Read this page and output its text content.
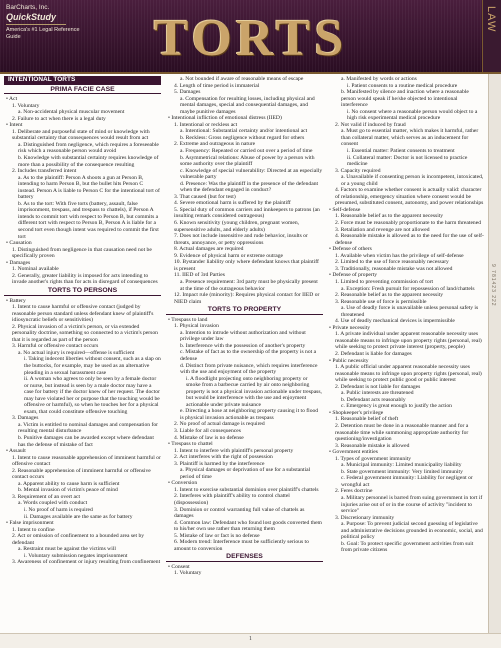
BarCharts, Inc.
QuickStudy
America's #1 Legal Reference Guide	TORTS	LAW
9 781423 222
INTENTIONAL TORTS
PRIMA FACIE CASE
• Act
1. Voluntary
a. Non-accidental physical muscular movement
2. Failure to act when there is a legal duty
• Intent
1. Deliberate and purposeful state of mind or knowledge with substantial certainty that consequences would result from act
a. Distinguished from negligence, which requires a foreseeable risk which a reasonable person would avoid
b. Knowledge with substantial certainty requires knowledge of more than a possibility of the consequence resulting
2. Includes transferred intent
a. As to the plaintiff: Person A shoots a gun at Person B, intending to harm Person B, but the bullet hits Person C instead. Person A is liable to Person C for the intentional tort of battery
b. As to the tort: With five torts (battery, assault, false imprisonment, trespass, and trespass to chattels), if Person A intends to commit tort with respect to Person B, but commits a different tort with respect to Person B, Person A is liable for a second tort even though intent was required to commit the first tort
• Causation
1. Distinguished from negligence in that causation need not be specifically proven
• Damages
1. Nominal available
2. Generally, greater liability is imposed for acts intending to invade another's rights than for acts in disregard of consequences
TORTS TO PERSONS
• Battery
1. Intent to cause harmful or offensive contact (judged by reasonable person standard unless defendant knew of plaintiff's idiosyncratic beliefs or sensitivities)
2. Physical invasion of a victim's person, or via extended personality doctrine, something so connected to a victim's person that it is regarded as part of the person
3. Harmful or offensive contact occurs
a. No actual injury is required—offense is sufficient
i. Taking indecent liberties without consent, such as a slap on the buttocks, for example, may be used as an alternative pleading in a sexual harassment case
ii. A woman who agrees to only be seen by a female doctor or nurse, but instead is seen by a male doctor may have a case for battery if the doctor knew of her request. The doctor may have violated her or purpose that the touching would be offensive or harmful), so when he touches her for a physical exam, that could constitute offensive touching
3. Damages
a. Victim is entitled to nominal damages and compensation for resulting mental disturbance
b. Punitive damages can be awarded except where defendant has the defense of mistake of fact
• Assault
1. Intent to cause reasonable apprehension of imminent harmful or offensive contact
2. Reasonable apprehension of imminent harmful or offensive contact occurs
a. Apparent ability to cause harm is sufficient
b. Mental invasion of victim's peace of mind
3. Requirement of an overt act
a. Words coupled with conduct
i. No proof of harm is required
ii. Damages available are the same as for battery
• False imprisonment
1. Intent to confine
2. Act or omission of confinement to a bounded area set by defendant
a. Restraint must be against the victims will
i. Voluntary submission negates imprisonment
3. Awareness of confinement or injury resulting from confinement
a. Not bounded if aware of reasonable means of escape
4. Length of time period is immaterial
5. Damages
a. Compensation for resulting losses, including physical and mental damages, special and consequential damages, and maybe punitive damages
• Intentional infliction of emotional distress (IIED)
1. Intentional or reckless act
a. Intentional: Substantial certainty and/or intentional act
b. Reckless: Gross negligence without regard for others
2. Extreme and outrageous in nature
a. Frequency: Repeated or carried out over a period of time
b. Asymmetrical relations: Abuse of power by a person with some authority over the plaintiff
c. Knowledge of special vulnerability: Directed at an especially vulnerable party
d. Presence: Was the plaintiff in the presence of the defendant when the defendant engaged in conduct?
3. That caused (but for test)
4. Severe emotional harm is suffered by the plaintiff
5. Special duty of common carriers and innkeepers to patrons (an insulting remark considered outrageous)
6. Known sensitivity (young children, pregnant women, supersensitive adults, and elderly adults)
7. Does not include insensitive and rude behavior, insults or threats, annoyance, or petty oppressions
8. Actual damages are required
9. Evidence of physical harm or extreme outrage
10. Bystander liability only where defendant knows that plaintiff is present
11. IIED of 3rd Parties
a. Presence requirement: 3rd party must be physically present at the time of the outrageous behavior
12. Impact rule (minority): Requires physical contact for IIED or NIED claim
TORTS TO PROPERTY
• Trespass to land
1. Physical invasion
a. Intention to intrude without authorization and without privilege under law
b. Interference with the possession of another's property
c. Mistake of fact as to the ownership of the property is not a defense
d. Distinct from private nuisance, which requires interference with the use and enjoyment of the property
i. A floodlight projecting onto neighboring property or smoke from a barbecue carried by air onto neighboring property is not a physical invasion actionable under trespass, but would be interference with the use and enjoyment actionable under private nuisance
e. Directing a hose at neighboring property causing it to flood is physical invasion actionable as trespass
2. No proof of actual damage is required
3. Liable for all consequences
4. Mistake of law is no defense
• Trespass to chattel
1. Intent to interfere with plaintiff's personal property
2. Act interferes with the right of possession
3. Plaintiff is harmed by the interference
a. Physical damages or deprivation of use for a substantial period of time
• Conversion
1. Intent to exercise substantial dominion over plaintiff's chattels
2. Interferes with plaintiff's ability to control chattel (dispossession)
3. Dominion or control warranting full value of chattels as damages
4. Common law: Defendant who found lost goods converted them to his/her own use rather than returning them
5. Mistake of law or fact is no defense
6. Modern trend: Interference must be sufficiently serious to amount to conversion
DEFENSES
• Consent
1. Voluntary
a. Manifested by words or actions
i. Patient consents to a routine medical procedure
b. Manifested by silence and inaction where a reasonable person would speak if he/she objected to intentional interference
i. No consent where a reasonable person would object to a high risk experimental medical procedure
2. Not valid if induced by fraud
a. Must go to essential matter, which makes it harmful, rather than collateral matter, which serves as an inducement for consent
i. Essential matter: Patient consents to treatment
ii. Collateral matter: Doctor is not licensed to practice medicine
3. Capacity required
a. Unavailable if consenting person is incompetent, intoxicated, or a young child
4. Factors to examine whether consent is actually valid: character of relationship, emergency situation where consent would be presumed, substituted consent, autonomy, and power relationships
• Self-defense
1. Reasonable belief as to the apparent necessity
2. Force must be reasonably proportionate to the harm threatened
3. Retaliation and revenge are not allowed
4. Reasonable mistake is allowed as to the need for the use of self-defense
• Defense of others
1. Available when victim has the privilege of self-defense
2. Limited to the use of force reasonably necessary
3. Traditionally, reasonable mistake was not allowed
• Defense of property
1. Limited to preventing commission of tort
a. Exception: Fresh pursuit for repossession of land/chattels
2. Reasonable belief as to the apparent necessity
3. Reasonable use of force is permissible
a. Use of deadly force is unavailable unless personal safety is threatened
4. Use of deadly mechanical devices is impermissible
• Private necessity
1. A private individual under apparent reasonable necessity uses reasonable means to infringe upon property rights (personal, real) while seeking to protect private interest (property, people)
2. Defendant is liable for damages
• Public necessity
1. A public official under apparent reasonable necessity uses reasonable means to infringe upon property rights (personal, real) while seeking to protect public good or public interest
2. Defendant is not liable for damages
a. Public interests are threatened
b. Defendant acts reasonably
c. Emergency is great enough to justify the action
• Shopkeeper's privilege
1. Reasonable belief of theft
2. Detention must be done in a reasonable manner and for a reasonable time while summoning appropriate authority for questioning/investigation
3. Reasonable mistake is allowed
• Government entities
1. Types of government immunity
a. Municipal immunity: Limited municipality liability
b. State government immunity: Very limited immunity
c. Federal government immunity: Liability for negligent or wrongful act
2. Feres doctrine
a. Military personnel is barred from suing government in tort if injuries arise out of or in the course of activity "incident to service"
3. Discretionary immunity
a. Purpose: To prevent judicial second guessing of legislative and administrative decisions grounded in economic, social, and political policy
b. Goal: To protect specific government activities from suit from private citizens
1
